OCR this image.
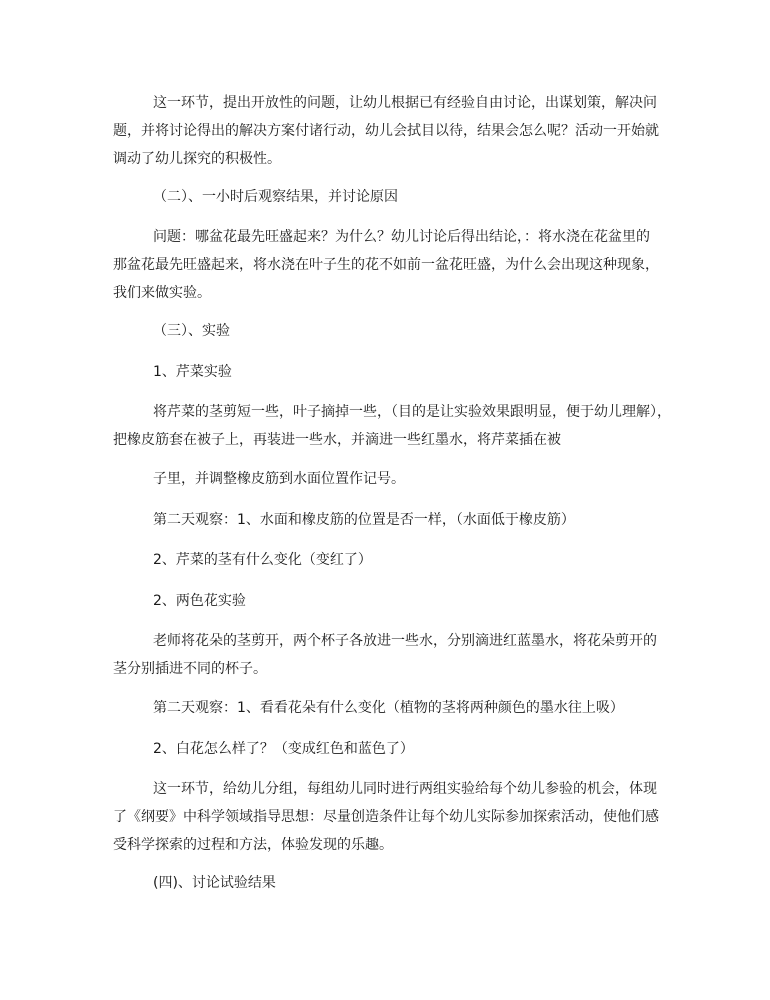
这一环节，提出开放性的问题，让幼儿根据已有经验自由讨论，出谋划策，解决问
题，并将讨论得出的解决方案付诸行动，幼儿会拭目以待，结果会怎么呢？活动一开始就
调动了幼儿探究的积极性。

（二）、一小时后观察结果，并讨论原因

问题：哪盆花最先旺盛起来？为什么？幼儿讨论后得出结论，：将水浇在花盆里的
那盆花最先旺盛起来，将水浇在叶子生的花不如前一盆花旺盛，为什么会出现这种现象，
我们来做实验。

（三）、实验

1、芹菜实验

将芹菜的茎剪短一些，叶子摘掉一些，（目的是让实验效果跟明显，便于幼儿理解），
把橡皮筋套在被子上，再装进一些水，并滴进一些红墨水，将芹菜插在被

子里，并调整橡皮筋到水面位置作记号。

第二天观察：1、水面和橡皮筋的位置是否一样，（水面低于橡皮筋）

2、芹菜的茎有什么变化（变红了）

2、两色花实验

老师将花朵的茎剪开，两个杯子各放进一些水，分别滴进红蓝墨水，将花朵剪开的
茎分别插进不同的杯子。

第二天观察：1、看看花朵有什么变化（植物的茎将两种颜色的墨水往上吸）

2、白花怎么样了？（变成红色和蓝色了）

这一环节，给幼儿分组，每组幼儿同时进行两组实验给每个幼儿参验的机会，体现
了《纲要》中科学领域指导思想：尽量创造条件让每个幼儿实际参加探索活动，使他们感
受科学探索的过程和方法，体验发现的乐趣。

(四)、讨论试验结果
